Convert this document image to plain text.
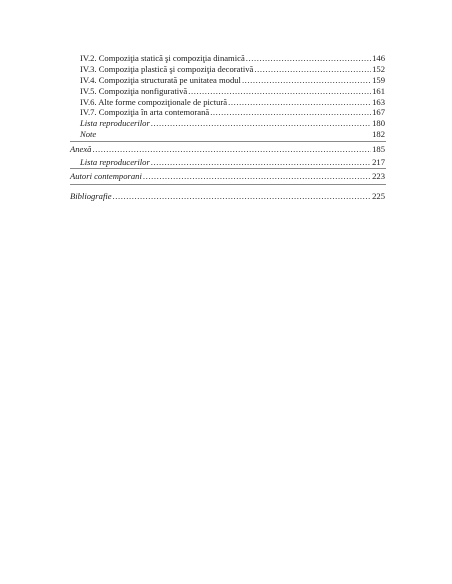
IV.2. Compoziţia statică şi compoziţia dinamică .....	146
IV.3. Compoziţia plastică şi compoziţia decorativă .....	152
IV.4. Compoziţia structurată pe unitatea modul .....	159
IV.5. Compoziţia nonfigurativă .....	161
IV.6. Alte forme compoziţionale de pictură .....	163
IV.7. Compoziţia în arta contemorană .....	167
Lista reproducerilor .....	180
Note	182
Anexă .....	185
Lista reproducerilor .....	217
Autori contemporani .....	223
Bibliografie .....	225
